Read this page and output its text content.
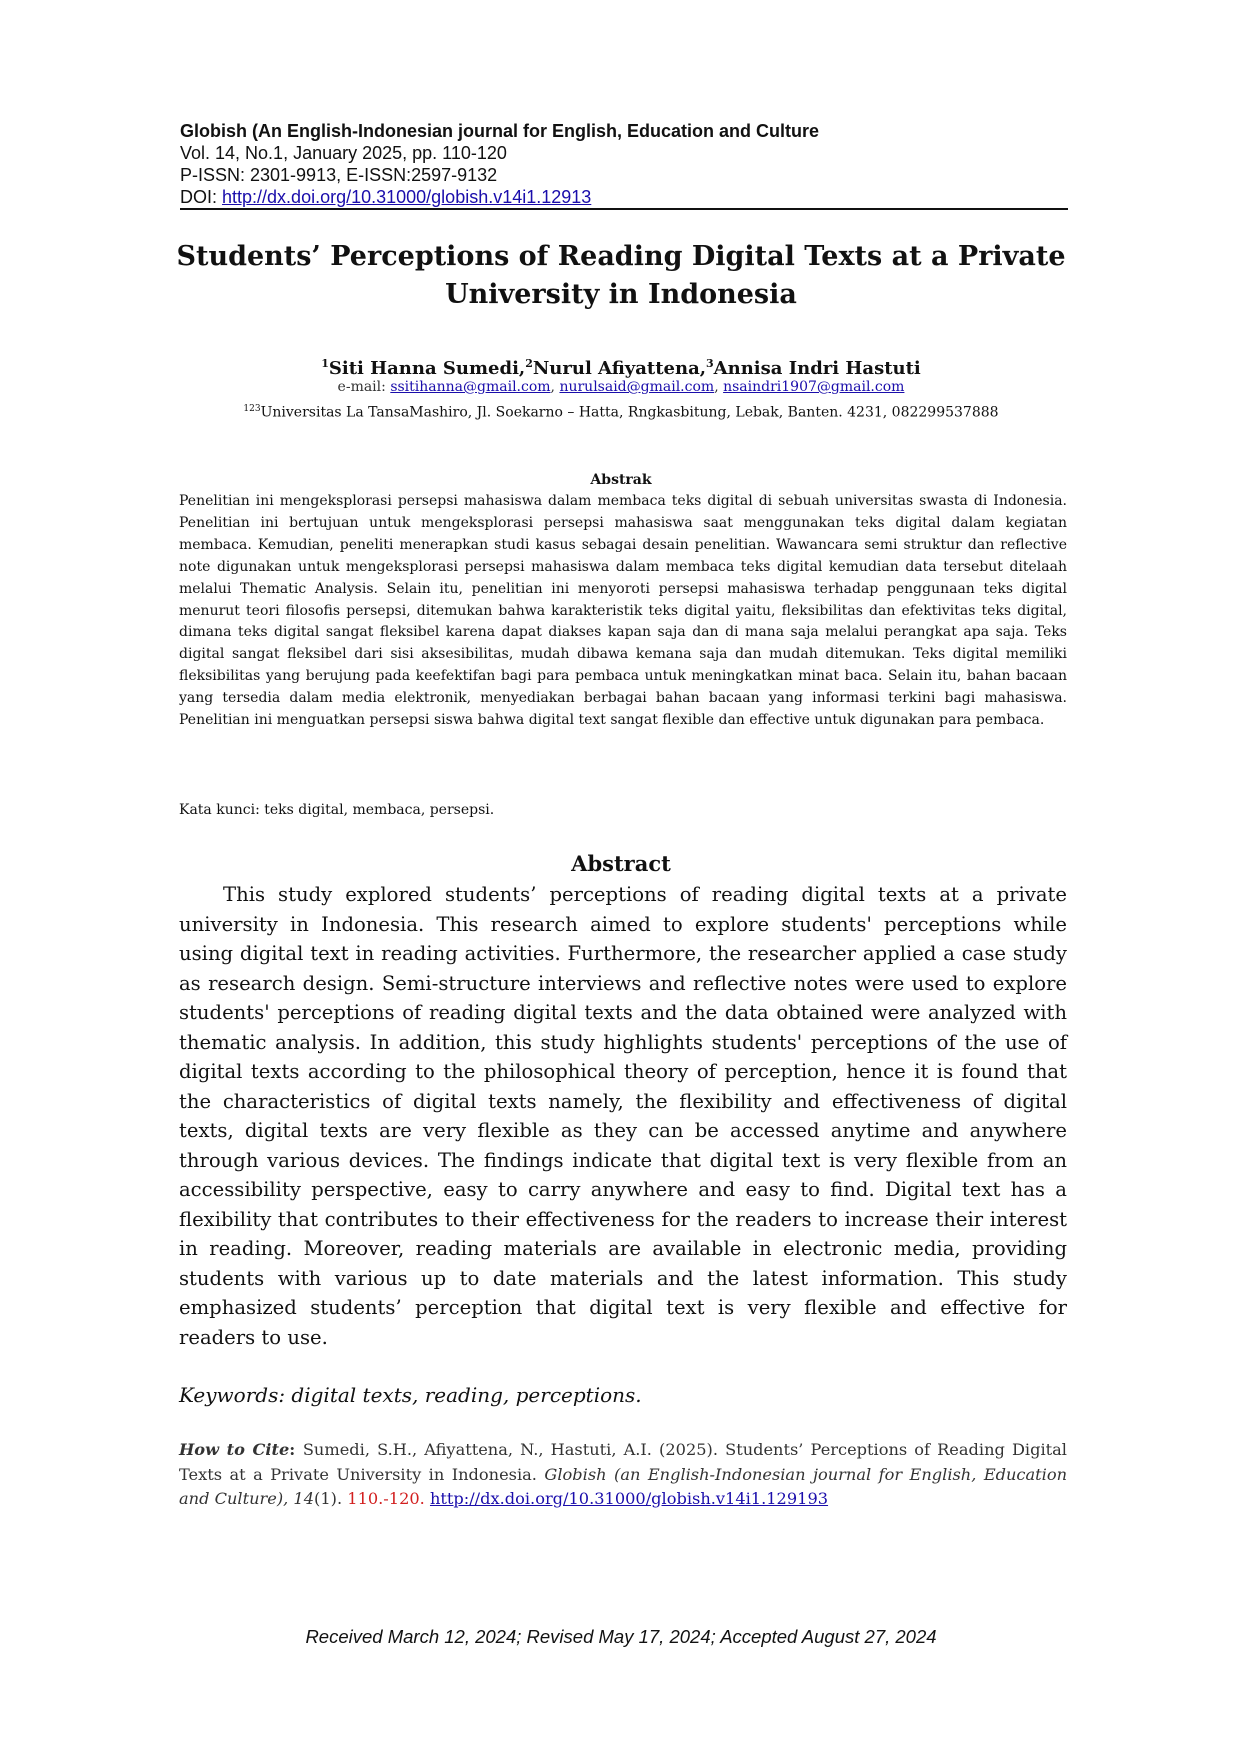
Globish (An English-Indonesian journal for English, Education and Culture
Vol. 14, No.1, January 2025, pp. 110-120
P-ISSN: 2301-9913, E-ISSN:2597-9132
DOI: http://dx.doi.org/10.31000/globish.v14i1.12913
Students’ Perceptions of Reading Digital Texts at a Private University in Indonesia
$^1$Siti Hanna Sumedi,$^2$Nurul Afiyattena,$^3$Annisa Indri Hastuti
e-mail: ssitihanna@gmail.com, nurulsaid@gmail.com, nsaindri1907@gmail.com
$^{123}$Universitas La TansaMashiro, Jl. Soekarno – Hatta, Rngkasbitung, Lebak, Banten. 4231, 082299537888
Abstrak

Penelitian ini mengeksplorasi persepsi mahasiswa dalam membaca teks digital di sebuah universitas swasta di Indonesia. Penelitian ini bertujuan untuk mengeksplorasi persepsi mahasiswa saat menggunakan teks digital dalam kegiatan membaca. Kemudian, peneliti menerapkan studi kasus sebagai desain penelitian. Wawancara semi struktur dan reflective note digunakan untuk mengeksplorasi persepsi mahasiswa dalam membaca teks digital kemudian data tersebut ditelaah melalui Thematic Analysis. Selain itu, penelitian ini menyoroti persepsi mahasiswa terhadap penggunaan teks digital menurut teori filosofis persepsi, ditemukan bahwa karakteristik teks digital yaitu, fleksibilitas dan efektivitas teks digital, dimana teks digital sangat fleksibel karena dapat diakses kapan saja dan di mana saja melalui perangkat apa saja. Teks digital sangat fleksibel dari sisi aksesibilitas, mudah dibawa kemana saja dan mudah ditemukan. Teks digital memiliki fleksibilitas yang berujung pada keefektifan bagi para pembaca untuk meningkatkan minat baca. Selain itu, bahan bacaan yang tersedia dalam media elektronik, menyediakan berbagai bahan bacaan yang informasi terkini bagi mahasiswa. Penelitian ini menguatkan persepsi siswa bahwa digital text sangat flexible dan effective untuk digunakan para pembaca.

Kata kunci: teks digital, membaca, persepsi.

Abstract

This study explored students’ perceptions of reading digital texts at a private university in Indonesia. This research aimed to explore students' perceptions while using digital text in reading activities. Furthermore, the researcher applied a case study as research design. Semi-structure interviews and reflective notes were used to explore students' perceptions of reading digital texts and the data obtained were analyzed with thematic analysis. In addition, this study highlights students' perceptions of the use of digital texts according to the philosophical theory of perception, hence it is found that the characteristics of digital texts namely, the flexibility and effectiveness of digital texts, digital texts are very flexible as they can be accessed anytime and anywhere through various devices. The findings indicate that digital text is very flexible from an accessibility perspective, easy to carry anywhere and easy to find. Digital text has a flexibility that contributes to their effectiveness for the readers to increase their interest in reading. Moreover, reading materials are available in electronic media, providing students with various up to date materials and the latest information. This study emphasized students’ perception that digital text is very flexible and effective for readers to use.

Keywords: digital texts, reading, perceptions.

How to Cite: Sumedi, S.H., Afiyattena, N., Hastuti, A.I. (2025). Students’ Perceptions of Reading Digital Texts at a Private University in Indonesia. Globish (an English-Indonesian journal for English, Education and Culture), 14(1). 110.-120. http://dx.doi.org/10.31000/globish.v14i1.129193

Received March 12, 2024; Revised May 17, 2024; Accepted August 27, 2024
